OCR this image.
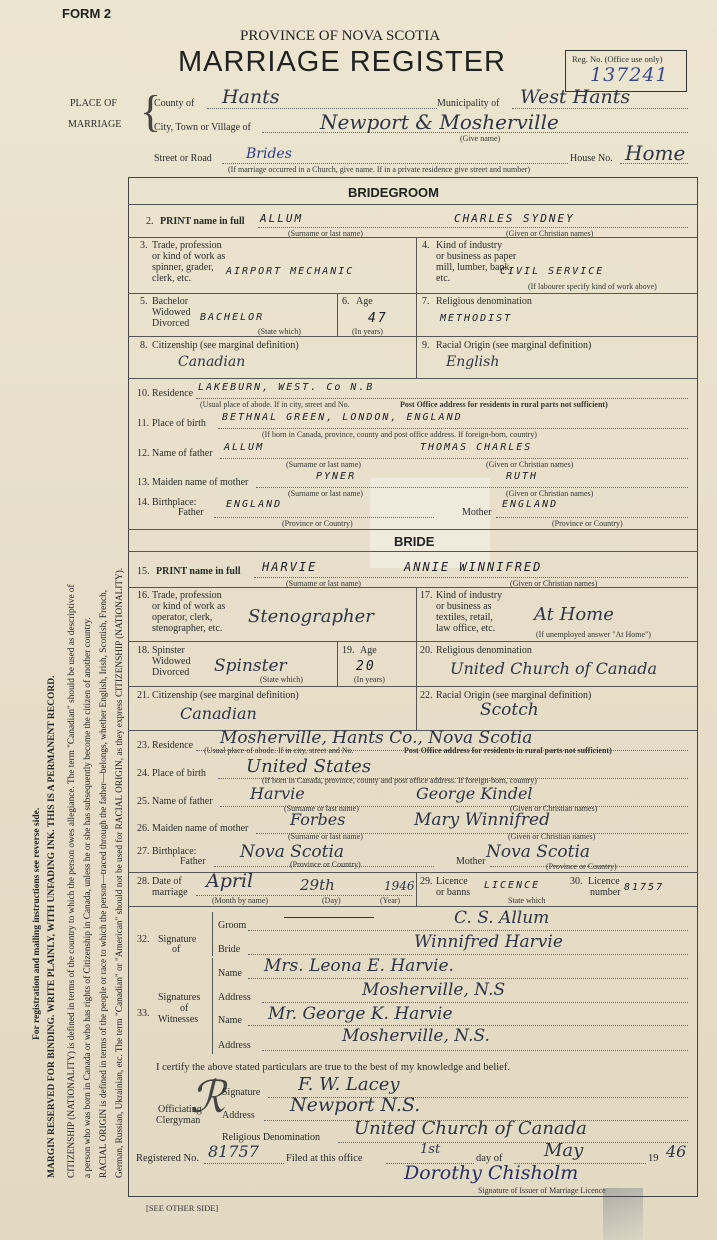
For registration and mailing instructions see reverse side. MARGIN RESERVED FOR BINDING. WRITE PLAINLY, WITH UNFADING INK. THIS IS A PERMANENT RECORD. CITIZENSHIP (NATIONALITY) is defined in terms of the country to which the person owes allegiance. The term "Canadian" should be used as descriptive of a person who was born in Canada or who has rights of Citizenship in Canada, unless he or she has subsequently become the citizen of another country. RACIAL ORIGIN is defined in terms of the people or race to which the person—traced through the father—belongs, whether English, Irish, Scottish, French, German, Russian, Ukrainian, etc. The term "Canadian" or "American" should not be used for RACIAL ORIGIN, as they express CITIZENSHIP (NATIONALITY).
FORM 2
PROVINCE OF NOVA SCOTIA
MARRIAGE REGISTER	Reg. No. (Office use only)
137241
PLACE OF
MARRIAGE {
County of Hants	Municipality of West Hants
City, Town or Village of	Newport & Mosherville
(Give name)
Street or Road Brides	House No. Home
(If marriage occurred in a Church, give name. If in a private residence give street and number)
BRIDEGROOM
2. PRINT name in full ALLUM	CHARLES SYDNEY
(Surname or last name)	(Given or Christian names)
3. Trade, profession
or kind of work as
spinner, grader,
clerk, etc.
AIRPORT MECHANIC
4. Kind of industry
or business as paper
mill, lumber, bank,
etc.
CIVIL SERVICE
(If labourer specify kind of work above)
5. Bachelor
Widowed
Divorced
BACHELOR
(State which)
6. Age
47
(In years)
7. Religious denomination
METHODIST
8. Citizenship (see marginal definition)
Canadian
9. Racial Origin (see marginal definition)
English
10. Residence
LAKEBURN, WEST. Co N.B
(Usual place of abode. If in city, street and No.	Post Office address for residents in rural parts not sufficient)
11. Place of birth
BETHNAL GREEN, LONDON, ENGLAND
(If born in Canada, province, county and post office address. If foreign-born, country)
12. Name of father
ALLUM	THOMAS CHARLES
(Surname or last name)	(Given or Christian names)
13. Maiden name of mother
PYNER	RUTH
(Surname or last name)	(Given or Christian names)
14. Birthplace:
Father
ENGLAND
(Province or Country)
Mother
ENGLAND
(Province or Country)
BRIDE
15. PRINT name in full HARVIE	ANNIE WINNIFRED
(Surname or last name)	(Given or Christian names)
16. Trade, profession
or kind of work as
operator, clerk,
stenographer, etc.
Stenographer
17. Kind of industry
or business as
textiles, retail,
law office, etc.
At Home
(If unemployed answer "At Home")
18. Spinster
Widowed
Divorced Spinster
(State which)
19. Age
20
(In years)
20. Religious denomination
United Church of Canada
21. Citizenship (see marginal definition)
Canadian
22. Racial Origin (see marginal definition)
Scotch
23. Residence Mosherville, Hants Co., Nova Scotia
(Usual place of abode. If in city, street and No.	Post Office address for residents in rural parts not sufficient)
24. Place of birth United States
(If born in Canada, province, county and post office address. If foreign-born, country)
25. Name of father Harvie	George Kindel
(Surname or last name)	(Given or Christian names)
26. Maiden name of mother	Forbes	Mary Winnifred
(Surname or last name)	(Given or Christian names)
27. Birthplace:
Father Nova Scotia
(Province or Country)	Mother Nova Scotia
(Province or Country)
28. Date of
marriage
April	29th	1946
(Month by name)	(Day)	(Year)
29. Licence
or banns
LICENCE
State which
30. Licence
number 81757
32. Signature
of
Groom	C. S. Allum
Bride	Winnifred Harvie
33.
Signatures
of
Witnesses
Name Mrs. Leona E. Harvie.
Address	Mosherville, N.S
Name Mr. George K. Harvie
Address	Mosherville, N.S.
I certify the above stated particulars are true to the best of my knowledge and belief.
Officiating
Clergyman
ℛ
Signature F. W. Lacey
Address Newport N.S.
Religious Denomination United Church of Canada
Registered No. 81757	Filed at this office
1st
day of May	19 46
Dorothy Chisholm
Signature of Issuer of Marriage Licence
[SEE OTHER SIDE]
